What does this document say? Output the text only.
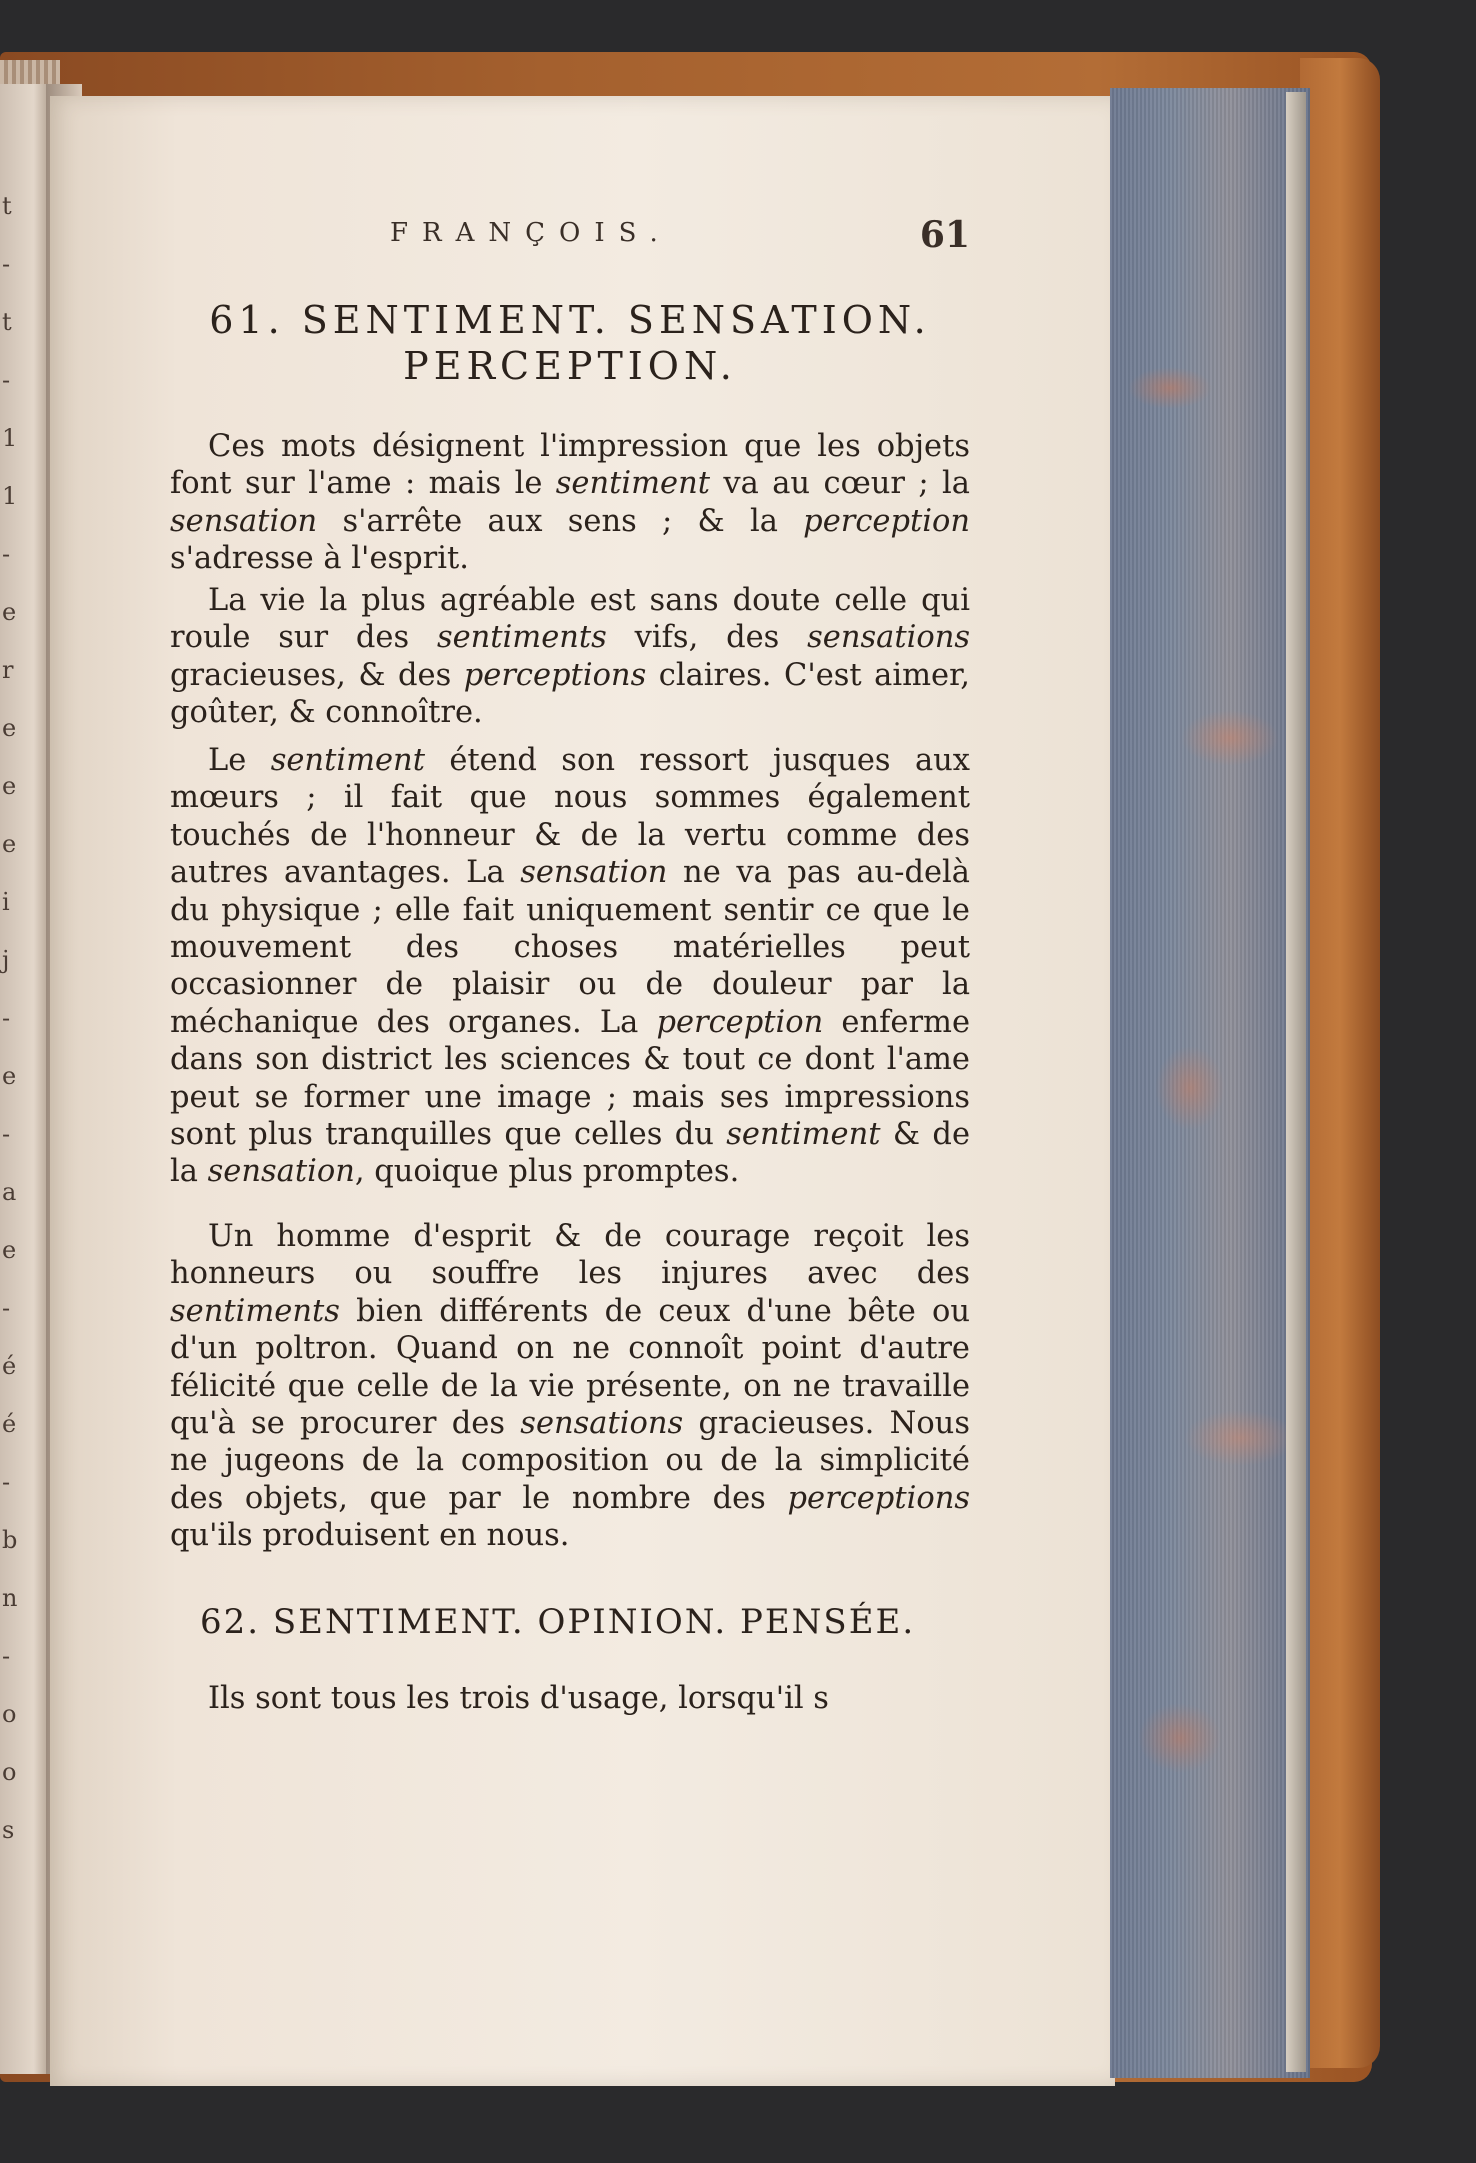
t
-
t
-
1
1
-
e
r
e
e
e
i
j
-
e
-
a
e
-
é
é
-
b
n
-
o
o
s
FRANÇOIS.	61
61. SENTIMENT. SENSATION.
PERCEPTION.

Ces mots désignent l'impression que les objets font sur l'ame : mais le sentiment va au cœur ; la sensation s'arrête aux sens ; & la perception s'adresse à l'esprit.

La vie la plus agréable est sans doute celle qui roule sur des sentiments vifs, des sensations gracieuses, & des perceptions claires. C'est aimer, goûter, & connoître.

Le sentiment étend son ressort jusques aux mœurs ; il fait que nous sommes également touchés de l'honneur & de la vertu comme des autres avantages. La sensation ne va pas au-delà du physique ; elle fait uniquement sentir ce que le mouvement des choses matérielles peut occasionner de plaisir ou de douleur par la méchanique des organes. La perception enferme dans son district les sciences & tout ce dont l'ame peut se former une image ; mais ses impressions sont plus tranquilles que celles du sentiment & de la sensation, quoique plus promptes.

Un homme d'esprit & de courage reçoit les honneurs ou souffre les injures avec des sentiments bien différents de ceux d'une bête ou d'un poltron. Quand on ne connoît point d'autre félicité que celle de la vie présente, on ne travaille qu'à se procurer des sensations gracieuses. Nous ne jugeons de la composition ou de la simplicité des objets, que par le nombre des perceptions qu'ils produisent en nous.

62. SENTIMENT. OPINION. PENSÉE.

Ils sont tous les trois d'usage, lorsqu'il s
